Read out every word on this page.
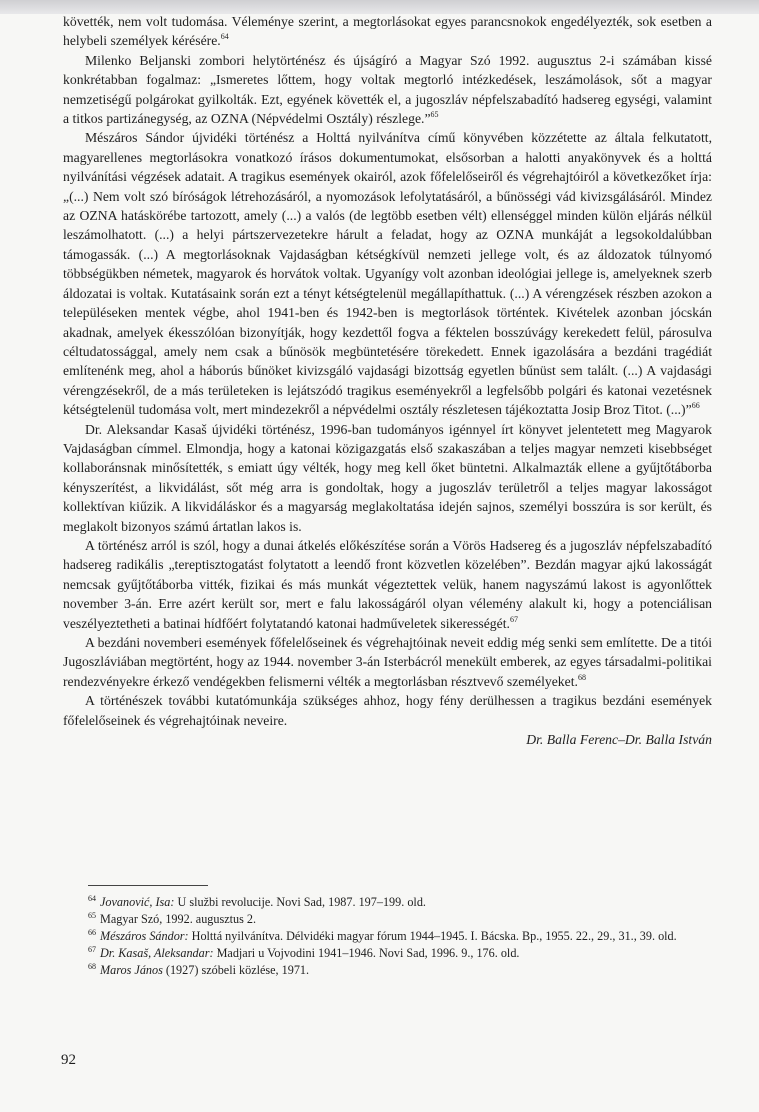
követték, nem volt tudomása. Véleménye szerint, a megtorlásokat egyes parancsnokok engedélyezték, sok esetben a helybeli személyek kérésére.$^{64}$

Milenko Beljanski zombori helytörténész és újságíró a Magyar Szó 1992. augusztus 2-i számában kissé konkrétabban fogalmaz: „Ismeretes lőttem, hogy voltak megtorló intézkedések, leszámolások, sőt a magyar nemzetiségű polgárokat gyilkolták. Ezt, egyének követték el, a jugoszláv népfelszabadító hadsereg egységi, valamint a titkos partizánegység, az OZNA (Népvédelmi Osztály) részlege.”$^{65}$

Mészáros Sándor újvidéki történész a Holttá nyilvánítva című könyvében közzétette az általa felkutatott, magyarellenes megtorlásokra vonatkozó írásos dokumentumokat, elsősorban a halotti anyakönyvek és a holttá nyilvánítási végzések adatait. A tragikus események okairól, azok főfelelőseiről és végrehajtóiról a következőket írja: „(...) Nem volt szó bíróságok létrehozásáról, a nyomozások lefolytatásáról, a bűnösségi vád kivizsgálásáról. Mindez az OZNA hatáskörébe tartozott, amely (...) a valós (de legtöbb esetben vélt) ellenséggel minden külön eljárás nélkül leszámolhatott. (...) a helyi pártszervezetekre hárult a feladat, hogy az OZNA munkáját a legsokoldalúbban támogassák. (...) A megtorlásoknak Vajdaságban kétségkívül nemzeti jellege volt, és az áldozatok túlnyomó többségükben németek, magyarok és horvátok voltak. Ugyanígy volt azonban ideológiai jellege is, amelyeknek szerb áldozatai is voltak. Kutatásaink során ezt a tényt kétségtelenül megállapíthattuk. (...) A vérengzések részben azokon a településeken mentek végbe, ahol 1941-ben és 1942-ben is megtorlások történtek. Kivételek azonban jócskán akadnak, amelyek ékesszólóan bizonyítják, hogy kezdettől fogva a féktelen bosszúvágy kerekedett felül, párosulva céltudatossággal, amely nem csak a bűnösök megbüntetésére törekedett. Ennek igazolására a bezdáni tragédiát említenénk meg, ahol a háborús bűnöket kivizsgáló vajdasági bizottság egyetlen bűnüst sem talált. (...) A vajdasági vérengzésekről, de a más területeken is lejátszódó tragikus eseményekről a legfelsőbb polgári és katonai vezetésnek kétségtelenül tudomása volt, mert mindezekről a népvédelmi osztály részletesen tájékoztatta Josip Broz Titot. (...)”$^{66}$

Dr. Aleksandar Kasaš újvidéki történész, 1996-ban tudományos igénnyel írt könyvet jelentetett meg Magyarok Vajdaságban címmel. Elmondja, hogy a katonai közigazgatás első szakaszában a teljes magyar nemzeti kisebbséget kollaboránsnak minősítették, s emiatt úgy vélték, hogy meg kell őket büntetni. Alkalmazták ellene a gyűjtőtáborba kényszerítést, a likvidálást, sőt még arra is gondoltak, hogy a jugoszláv területről a teljes magyar lakosságot kollektívan kiűzik. A likvidáláskor és a magyarság meglakoltatása idején sajnos, személyi bosszúra is sor került, és meglakolt bizonyos számú ártatlan lakos is.

A történész arról is szól, hogy a dunai átkelés előkészítése során a Vörös Hadsereg és a jugoszláv népfelszabadító hadsereg radikális „tereptisztogatást folytatott a leendő front közvetlen közelében”. Bezdán magyar ajkú lakosságát nemcsak gyűjtőtáborba vitték, fizikai és más munkát végeztettek velük, hanem nagyszámú lakost is agyonlőttek november 3-án. Erre azért került sor, mert e falu lakosságáról olyan vélemény alakult ki, hogy a potenciálisan veszélyeztetheti a batinai hídfőért folytatandó katonai hadműveletek sikerességét.$^{67}$

A bezdáni novemberi események főfelelőseinek és végrehajtóinak neveit eddig még senki sem említette. De a titói Jugoszláviában megtörtént, hogy az 1944. november 3-án Isterbácról menekült emberek, az egyes társadalmi-politikai rendezvényekre érkező vendégekben felismerni vélték a megtorlásban résztvevő személyeket.$^{68}$

A történészek további kutatómunkája szükséges ahhoz, hogy fény derülhessen a tragikus bezdáni események főfelelőseinek és végrehajtóinak neveire.

Dr. Balla Ferenc–Dr. Balla István

$^{64}$ Jovanović, Isa: U službi revolucije. Novi Sad, 1987. 197–199. old.

$^{65}$ Magyar Szó, 1992. augusztus 2.

$^{66}$ Mészáros Sándor: Holttá nyilvánítva. Délvidéki magyar fórum 1944–1945. I. Bácska. Bp., 1955. 22., 29., 31., 39. old.

$^{67}$ Dr. Kasaš, Aleksandar: Madjari u Vojvodini 1941–1946. Novi Sad, 1996. 9., 176. old.

$^{68}$ Maros János (1927) szóbeli közlése, 1971.

92
